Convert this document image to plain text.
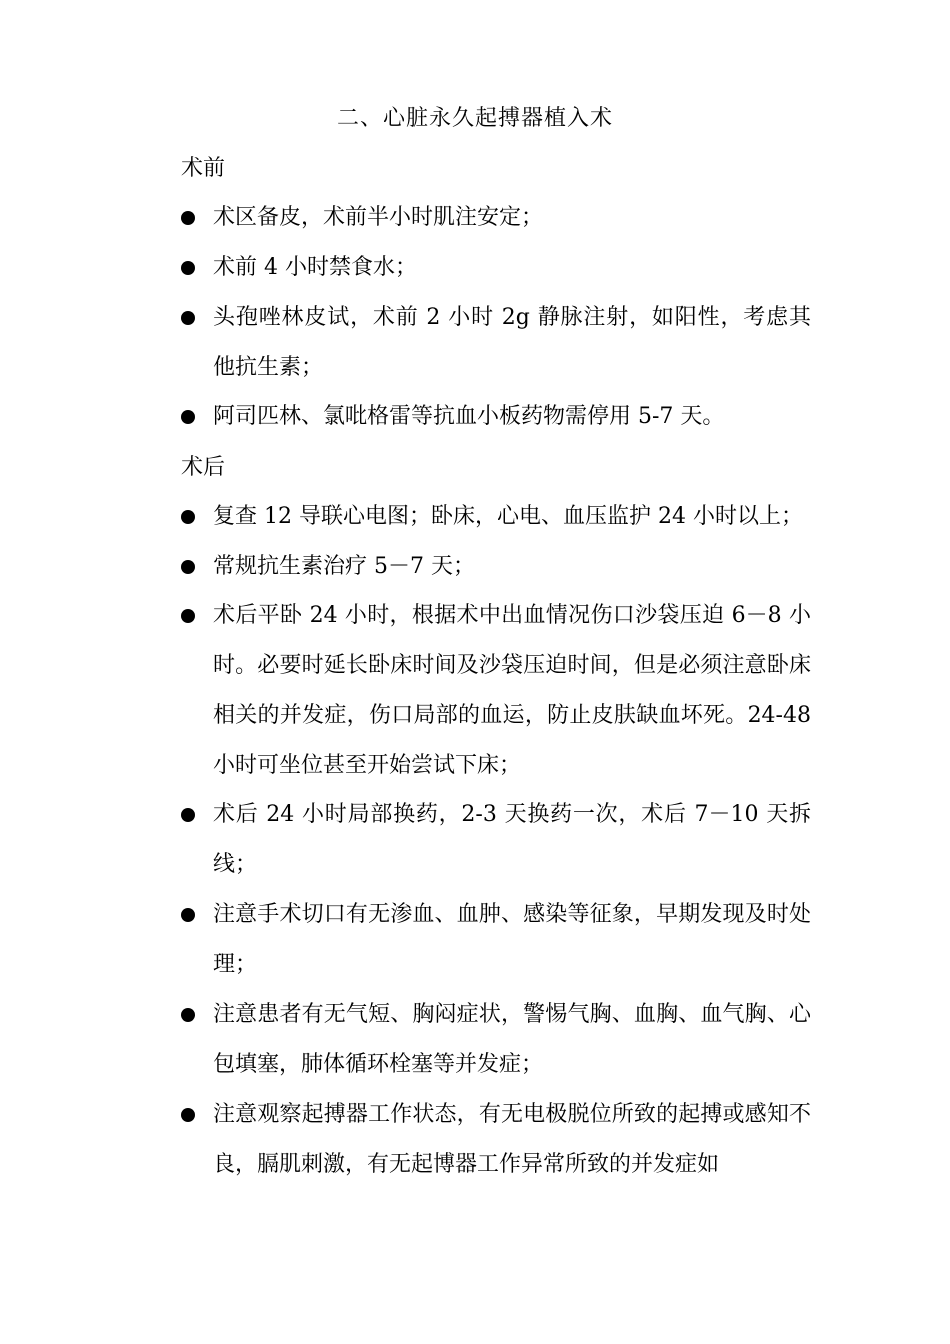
二、心脏永久起搏器植入术
术前
术区备皮，术前半小时肌注安定；
术前 4 小时禁食水；
头孢唑林皮试，术前 2 小时 2g 静脉注射，如阳性，考虑其他抗生素；
阿司匹林、氯吡格雷等抗血小板药物需停用 5-7 天。
术后
复查 12 导联心电图；卧床，心电、血压监护 24 小时以上；
常规抗生素治疗 5－7 天；
术后平卧 24 小时，根据术中出血情况伤口沙袋压迫 6－8 小时。必要时延长卧床时间及沙袋压迫时间，但是必须注意卧床相关的并发症，伤口局部的血运，防止皮肤缺血坏死。24-48 小时可坐位甚至开始尝试下床；
术后 24 小时局部换药，2-3 天换药一次，术后 7－10 天拆线；
注意手术切口有无渗血、血肿、感染等征象，早期发现及时处理；
注意患者有无气短、胸闷症状，警惕气胸、血胸、血气胸、心包填塞，肺体循环栓塞等并发症；
注意观察起搏器工作状态，有无电极脱位所致的起搏或感知不良，膈肌刺激，有无起博器工作异常所致的并发症如
